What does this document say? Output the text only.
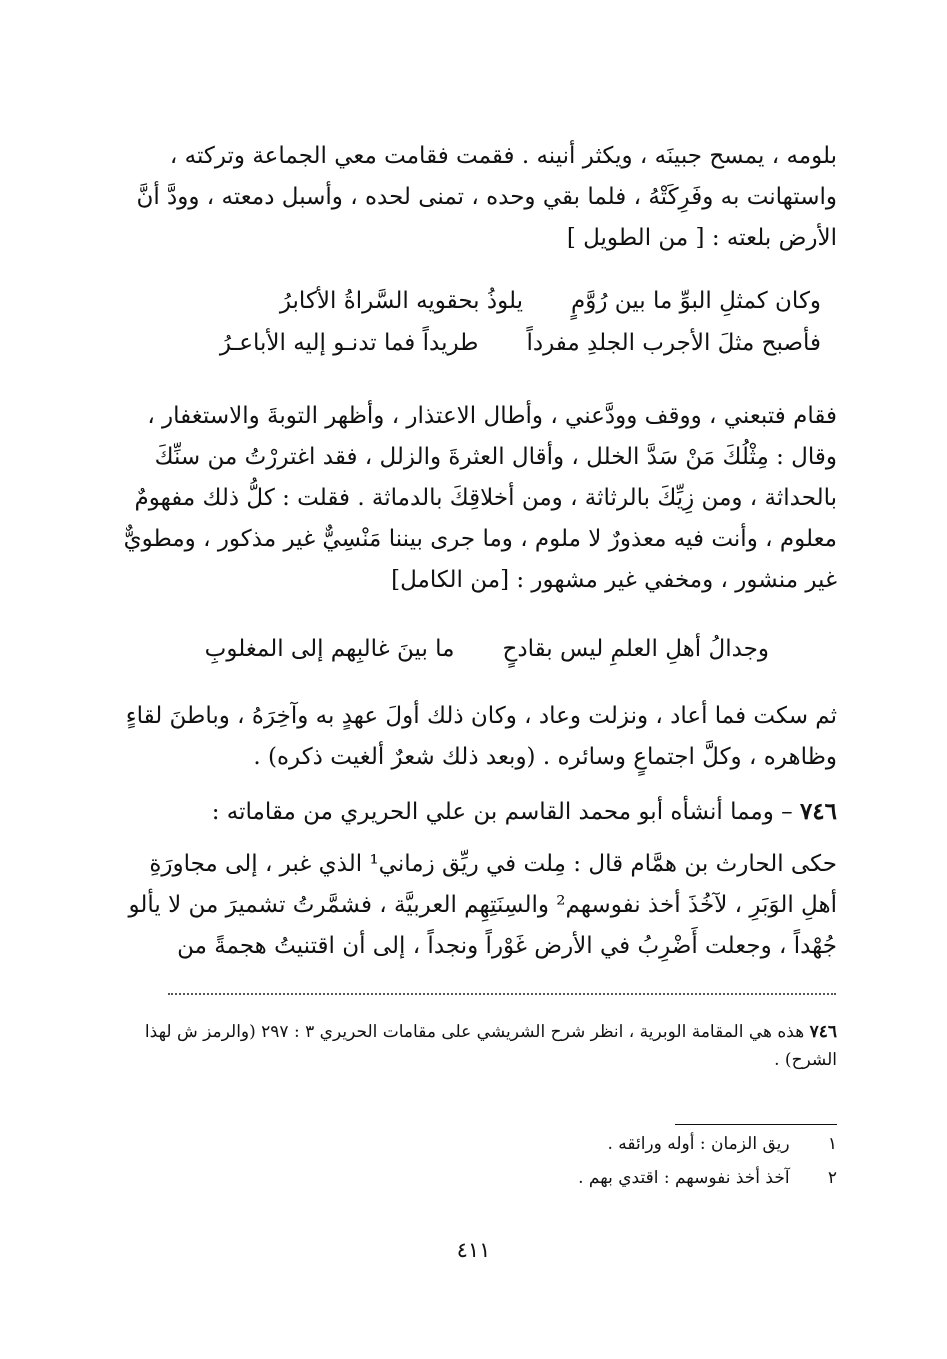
بلومه ، يمسح جبينَه ، ويكثر أنينه . فقمت فقامت معي الجماعة وتركته ،
واستهانت به وفَرِكَتْهُ ، فلما بقي وحده ، تمنى لحده ، وأسبل دمعته ، وودَّ أنَّ
الأرض بلعته : [ من الطويل ]

وكان كمثلِ البوِّ ما بين رُوَّمٍ
يلوذُ بحقويه السَّراةُ الأكابرُ
فأصبح مثلَ الأجرب الجلدِ مفرداً
طريداً فما تدنـو إليه الأباعـرُ

فقام فتبعني ، ووقف وودَّعني ، وأطال الاعتذار ، وأظهر التوبةَ والاستغفار ،
وقال : مِثْلُكَ مَنْ سَدَّ الخلل ، وأقال العثرةَ والزلل ، فقد اغتررْتُ من سنِّكَ
بالحداثة ، ومن زِيِّكَ بالرثاثة ، ومن أخلاقِكَ بالدماثة . فقلت : كلُّ ذلك مفهومٌ
معلوم ، وأنت فيه معذورٌ لا ملوم ، وما جرى بيننا مَنْسِيٌّ غير مذكور ، ومطويٌّ
غير منشور ، ومخفي غير مشهور : [من الكامل]

وجدالُ أهلِ العلمِ ليس بقادحٍ
ما بينَ غالبِهم إلى المغلوبِ

ثم سكت فما أعاد ، ونزلت وعاد ، وكان ذلك أولَ عهدٍ به وآخِرَهُ ، وباطنَ لقاءٍ
وظاهره ، وكلَّ اجتماعٍ وسائره . (وبعد ذلك شعرٌ ألغيت ذكره) .

٧٤٦ – ومما أنشأه أبو محمد القاسم بن علي الحريري من مقاماته :

حكى الحارث بن همَّام قال : مِلت في ريِّق زماني¹ الذي غبر ، إلى مجاورَةِ
أهلِ الوَبَرِ ، لآخُذَ أخذ نفوسهم² والسِنَتِهِم العربيَّة ، فشمَّرتُ تشميرَ من لا يألو
جُهْداً ، وجعلت أَضْرِبُ في الأرض غَوْراً ونجداً ، إلى أن اقتنيتُ هجمةً من

٧٤٦ هذه هي المقامة الوبرية ، انظر شرح الشريشي على مقامات الحريري ٣ : ٢٩٧ (والرمز ش لهذا الشرح) .
١ ريق الزمان : أوله ورائقه .
٢ آخذ أخذ نفوسهم : اقتدي بهم .
٤١١
